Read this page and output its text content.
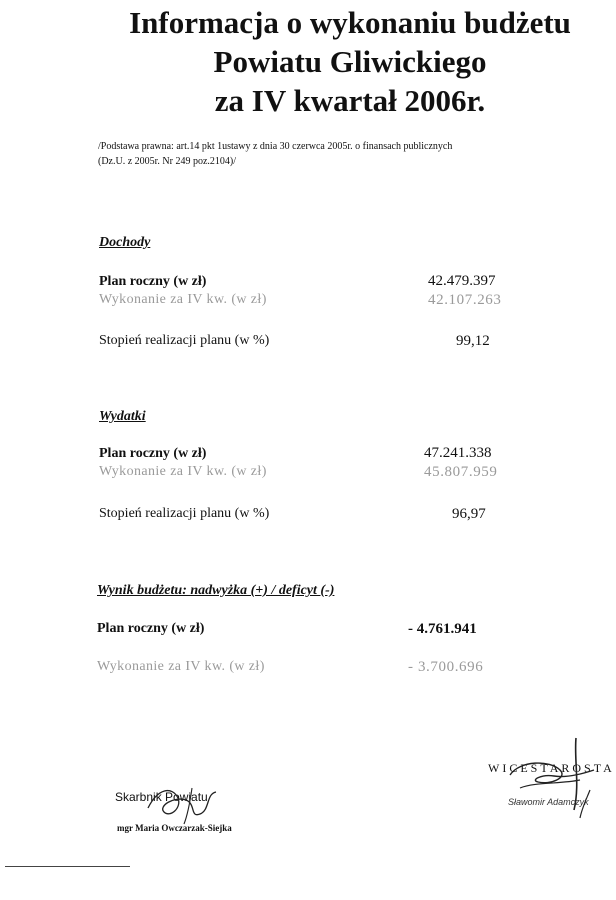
Informacja o wykonaniu budżetu
Powiatu Gliwickiego
za IV kwartał 2006r.
/Podstawa prawna: art.14 pkt 1ustawy z dnia 30 czerwca 2005r. o finansach publicznych
(Dz.U. z 2005r. Nr 249 poz.2104)/
Dochody
Plan roczny (w zł)	42.479.397
Wykonanie za IV kw. (w zł)	42.107.263
Stopień realizacji planu (w %)	99,12
Wydatki
Plan roczny (w zł)	47.241.338
Wykonanie za IV kw. (w zł)	45.807.959
Stopień realizacji planu (w %)	96,97
Wynik budżetu: nadwyżka (+) / deficyt (-)
Plan roczny (w zł)	- 4.761.941
Wykonanie za IV kw. (w zł)	- 3.700.696
WICESTAROSTA
Sławomir Adamczyk
Skarbnik Powiatu
mgr Maria Owczarzak-Siejka
